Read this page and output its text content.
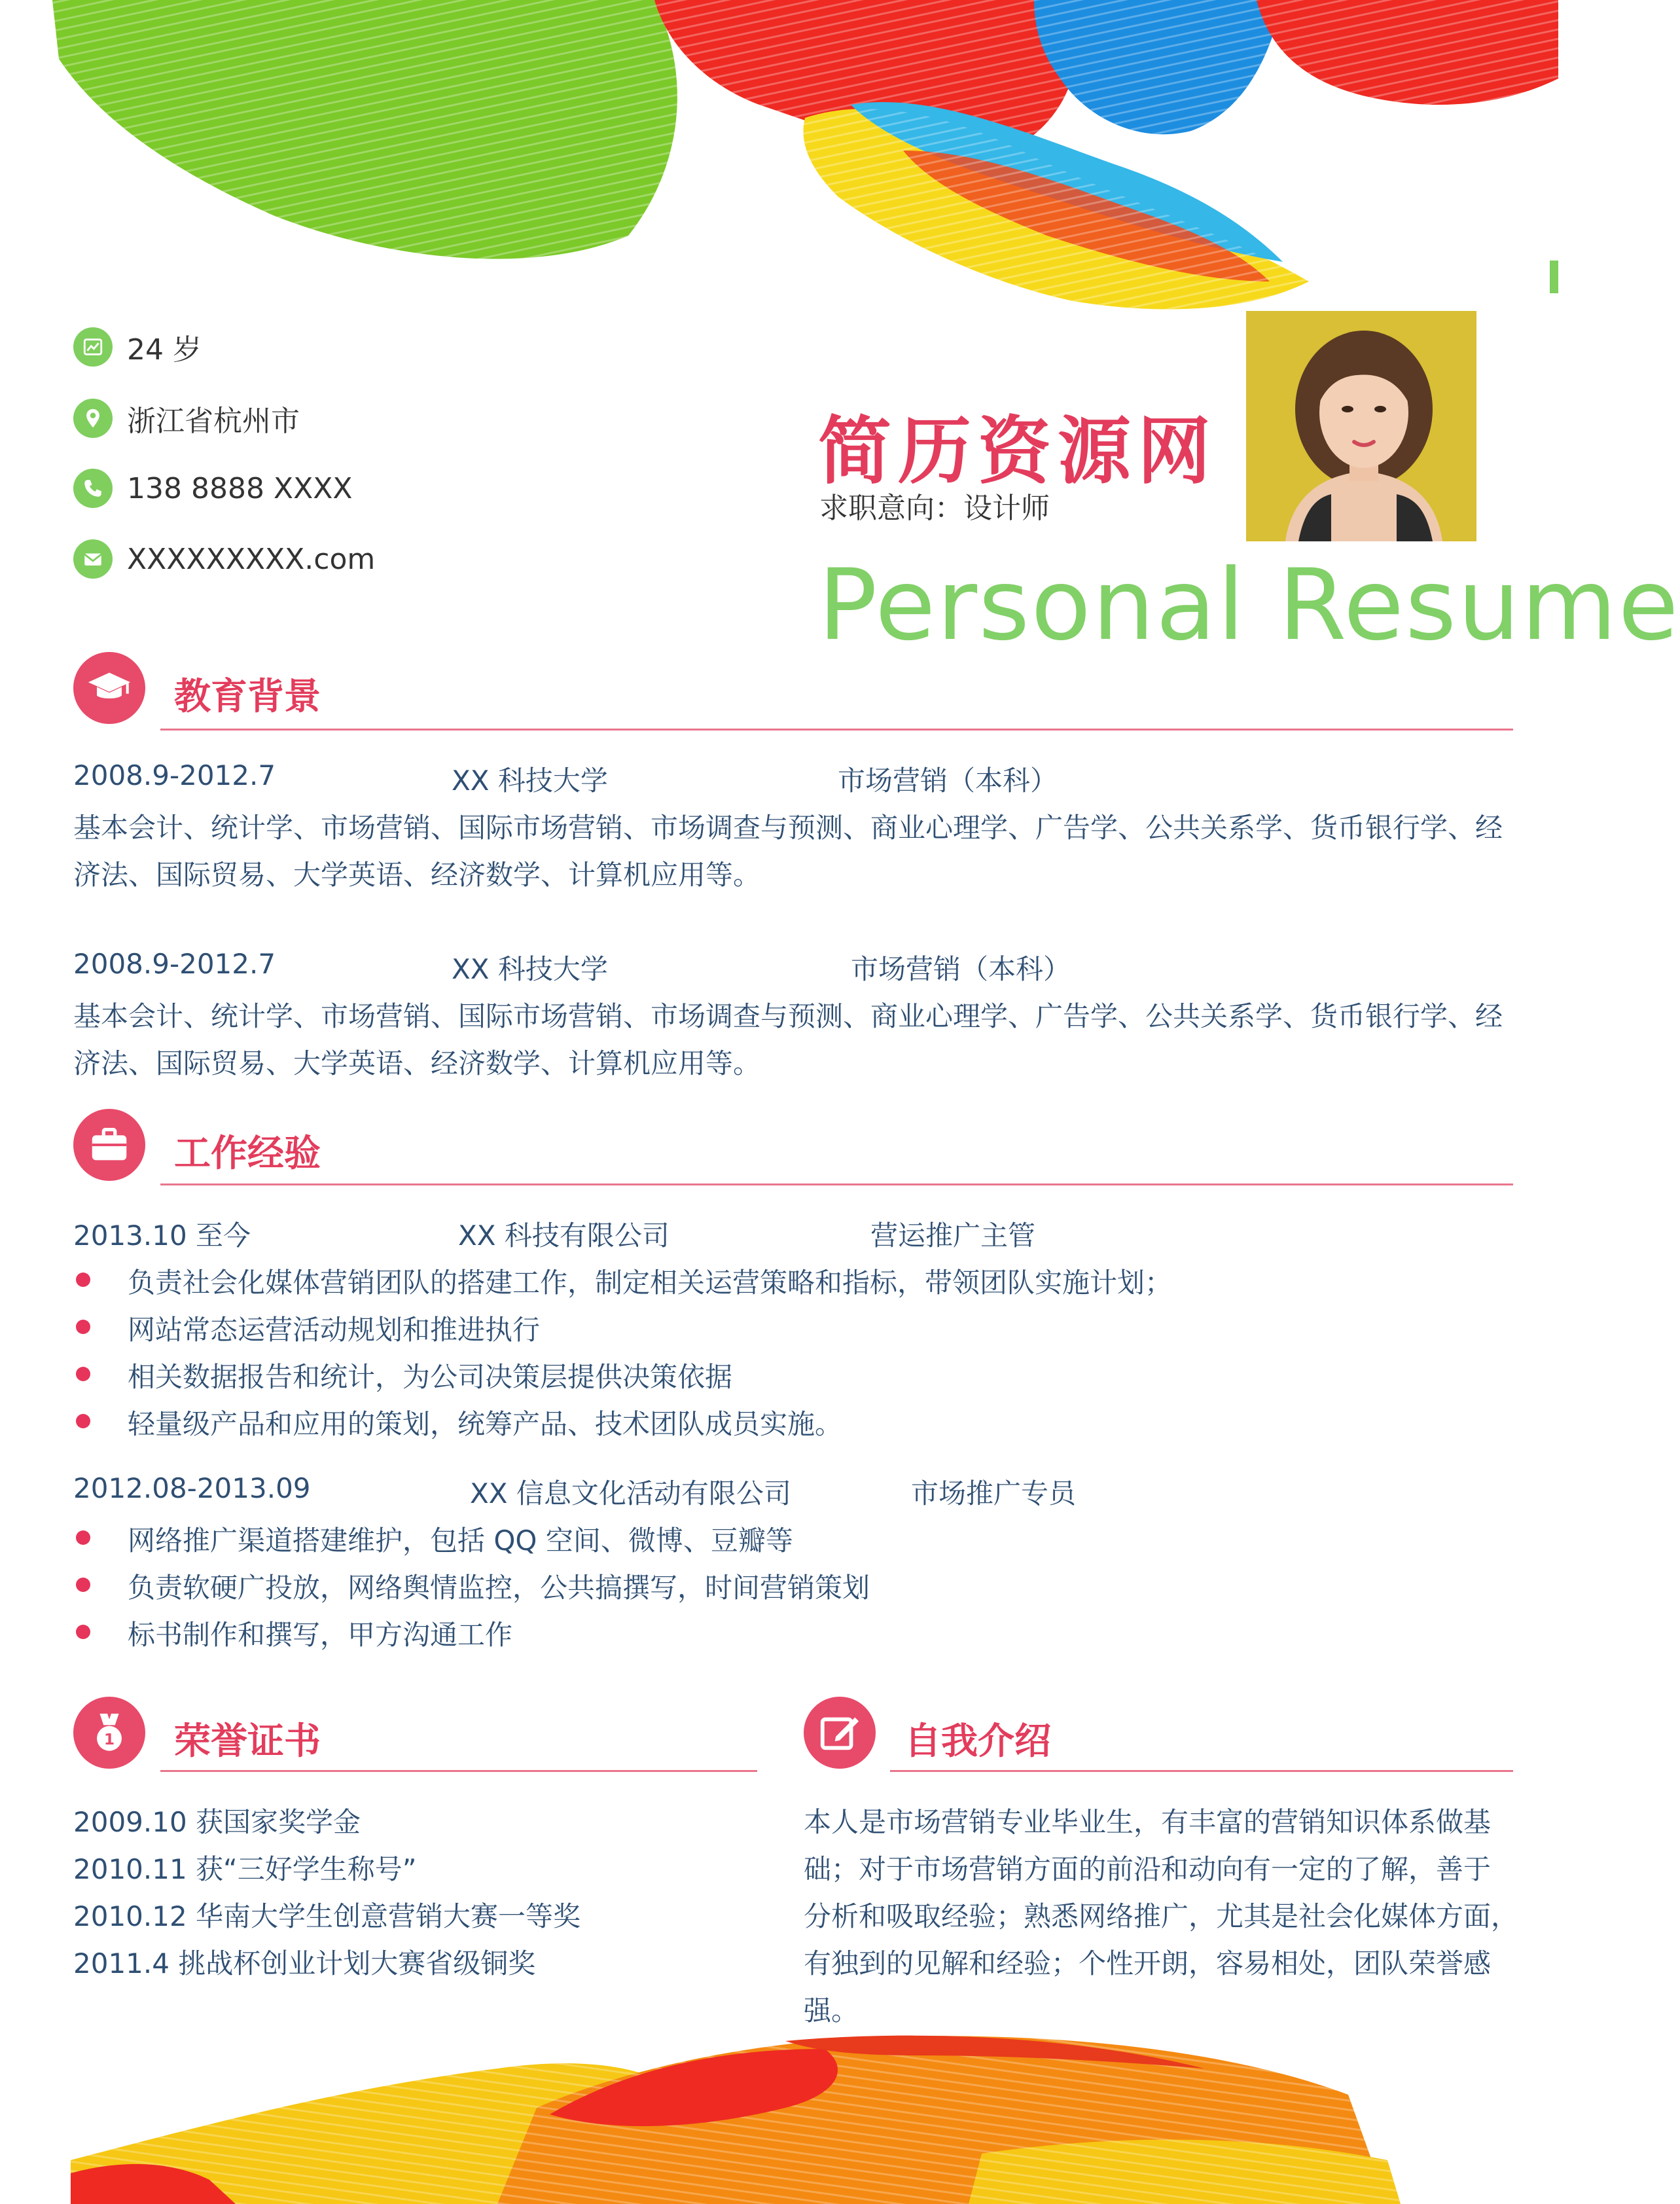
24 岁
浙江省杭州市
138 8888 XXXX
XXXXXXXXX.com
简历资源网
求职意向：设计师
Personal Resume
教育背景
2008.9-2012.7	XX 科技大学	市场营销（本科）
基本会计、统计学、市场营销、国际市场营销、市场调查与预测、商业心理学、广告学、公共关系学、货币银行学、经
济法、国际贸易、大学英语、经济数学、计算机应用等。
2008.9-2012.7	XX 科技大学	市场营销（本科）
基本会计、统计学、市场营销、国际市场营销、市场调查与预测、商业心理学、广告学、公共关系学、货币银行学、经
济法、国际贸易、大学英语、经济数学、计算机应用等。
工作经验
2013.10 至今	XX 科技有限公司	营运推广主管
负责社会化媒体营销团队的搭建工作，制定相关运营策略和指标，带领团队实施计划；
网站常态运营活动规划和推进执行
相关数据报告和统计，为公司决策层提供决策依据
轻量级产品和应用的策划，统筹产品、技术团队成员实施。
2012.08-2013.09	XX 信息文化活动有限公司	市场推广专员
网络推广渠道搭建维护，包括 QQ 空间、微博、豆瓣等
负责软硬广投放，网络舆情监控，公共搞撰写，时间营销策划
标书制作和撰写，甲方沟通工作
1 荣誉证书
2009.10 获国家奖学金
2010.11 获“三好学生称号”
2010.12 华南大学生创意营销大赛一等奖
2011.4 挑战杯创业计划大赛省级铜奖
自我介绍
本人是市场营销专业毕业生，有丰富的营销知识体系做基
础；对于市场营销方面的前沿和动向有一定的了解，善于
分析和吸取经验；熟悉网络推广，尤其是社会化媒体方面，
有独到的见解和经验；个性开朗，容易相处，团队荣誉感
强。
